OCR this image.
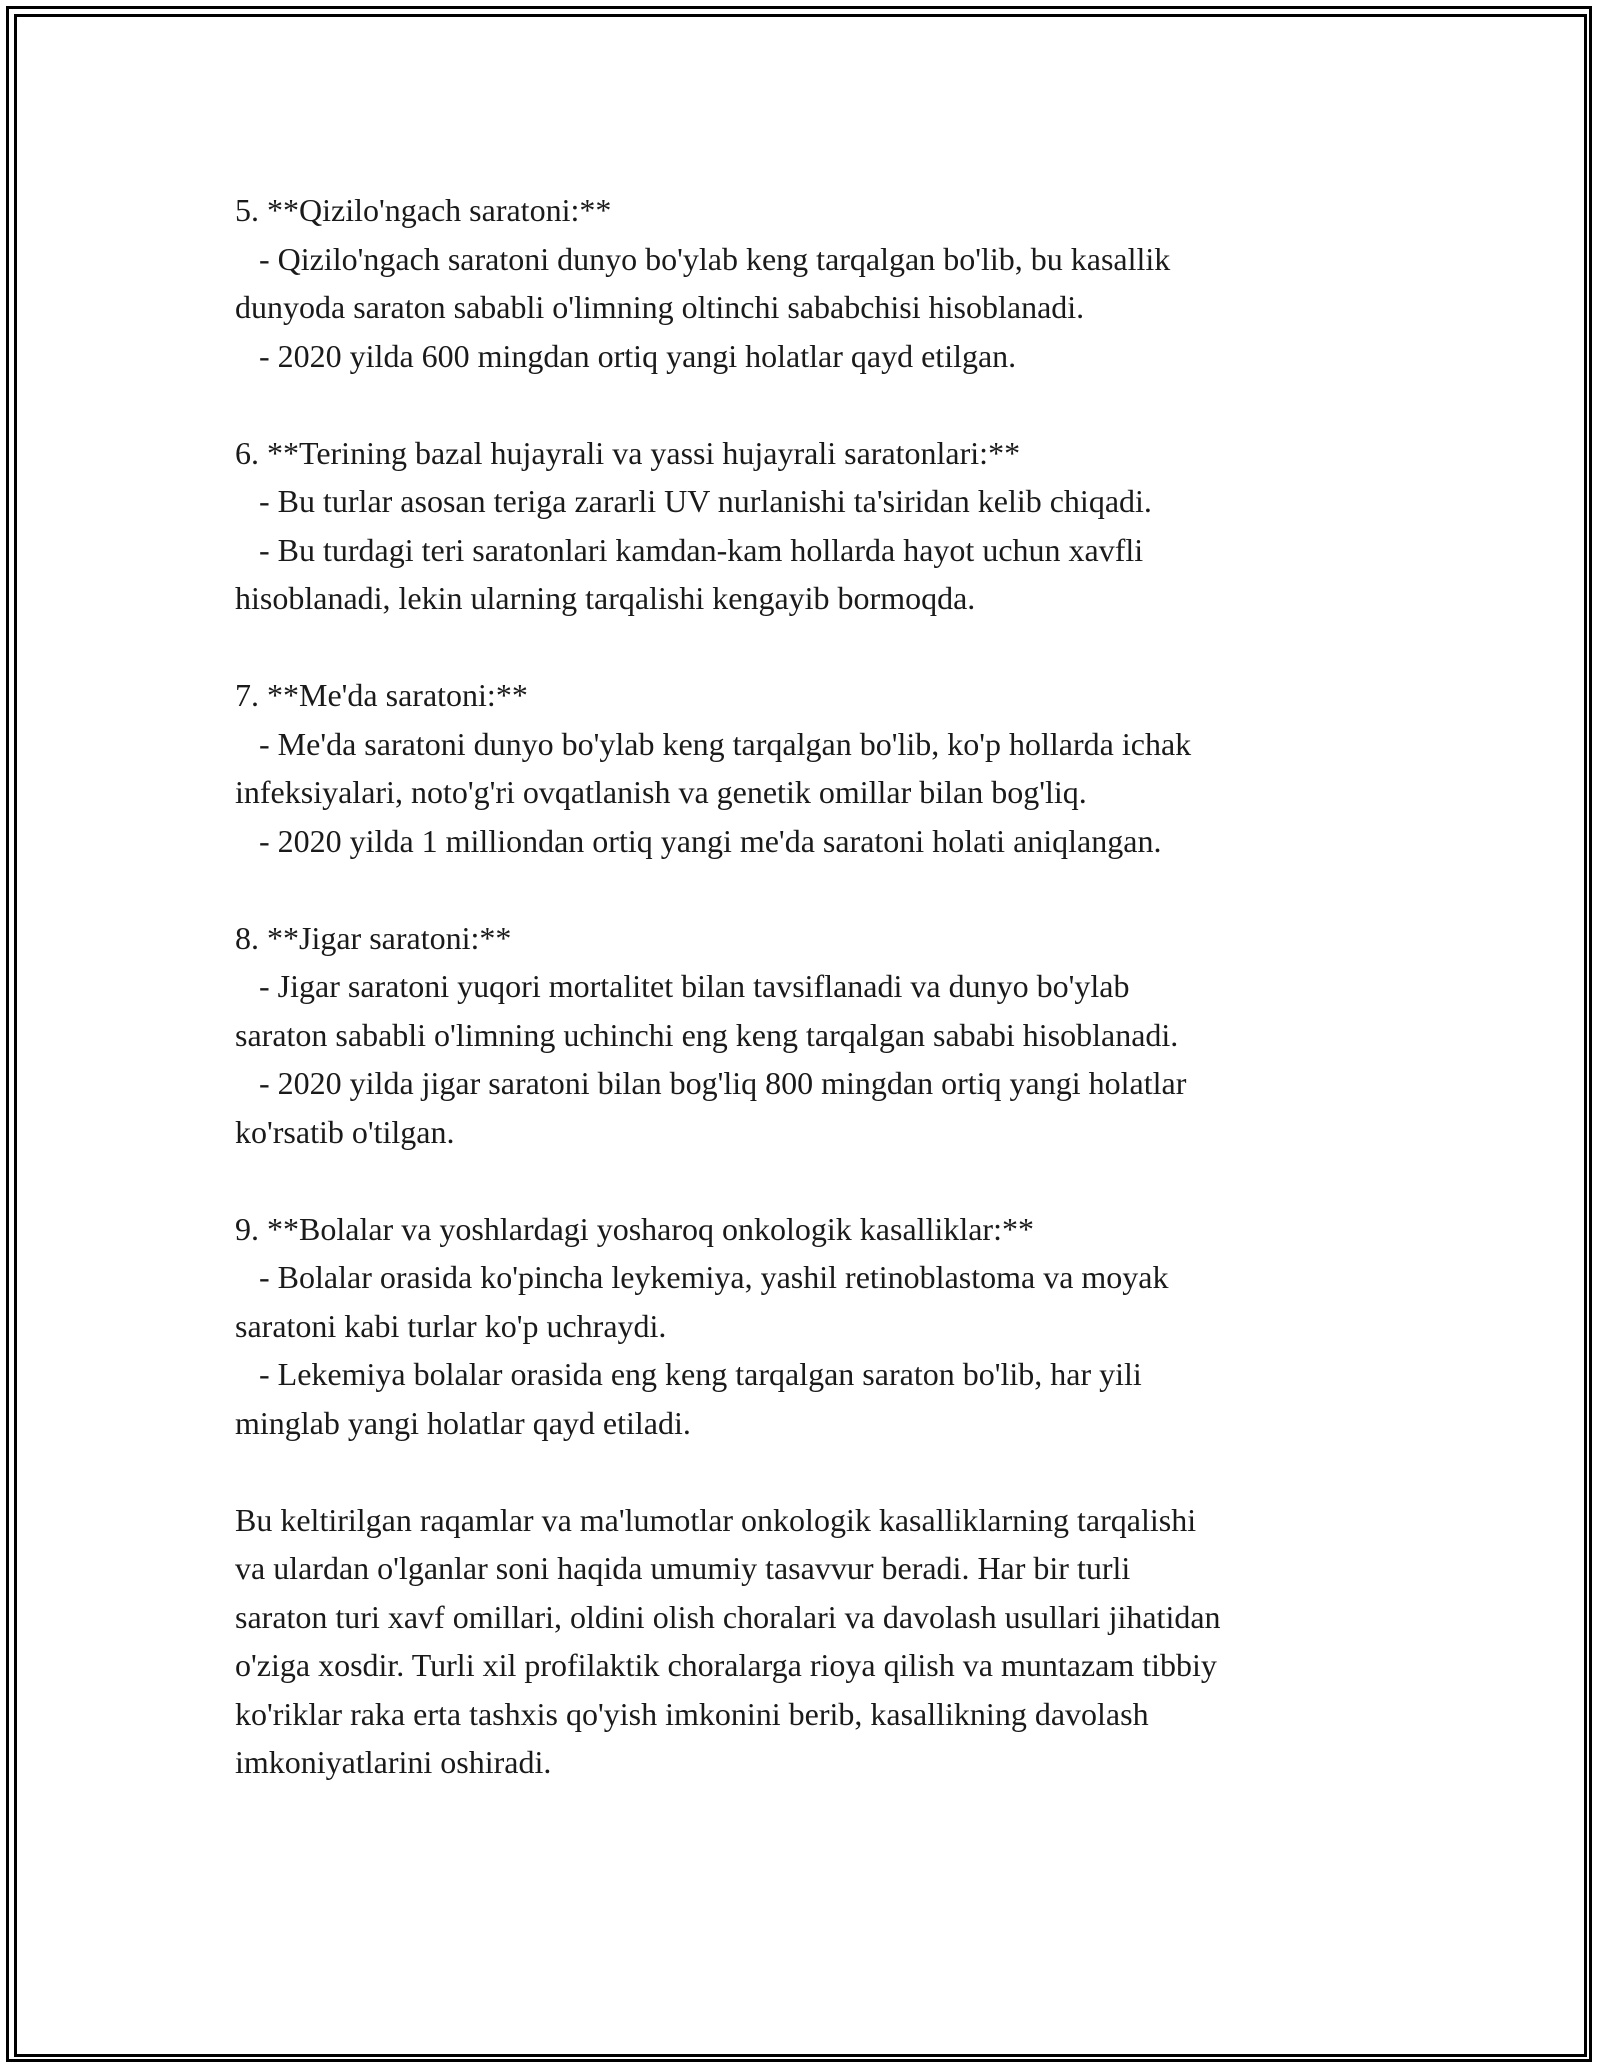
5. **Qizilo'ngach saratoni:**

- Qizilo'ngach saratoni dunyo bo'ylab keng tarqalgan bo'lib, bu kasallik

dunyoda saraton sababli o'limning oltinchi sababchisi hisoblanadi.

- 2020 yilda 600 mingdan ortiq yangi holatlar qayd etilgan.

6. **Terining bazal hujayrali va yassi hujayrali saratonlari:**

- Bu turlar asosan teriga zararli UV nurlanishi ta'siridan kelib chiqadi.

- Bu turdagi teri saratonlari kamdan-kam hollarda hayot uchun xavfli

hisoblanadi, lekin ularning tarqalishi kengayib bormoqda.

7. **Me'da saratoni:**

- Me'da saratoni dunyo bo'ylab keng tarqalgan bo'lib, ko'p hollarda ichak

infeksiyalari, noto'g'ri ovqatlanish va genetik omillar bilan bog'liq.

- 2020 yilda 1 milliondan ortiq yangi me'da saratoni holati aniqlangan.

8. **Jigar saratoni:**

- Jigar saratoni yuqori mortalitet bilan tavsiflanadi va dunyo bo'ylab

saraton sababli o'limning uchinchi eng keng tarqalgan sababi hisoblanadi.

- 2020 yilda jigar saratoni bilan bog'liq 800 mingdan ortiq yangi holatlar

ko'rsatib o'tilgan.

9. **Bolalar va yoshlardagi yosharoq onkologik kasalliklar:**

- Bolalar orasida ko'pincha leykemiya, yashil retinoblastoma va moyak

saratoni kabi turlar ko'p uchraydi.

- Lekemiya bolalar orasida eng keng tarqalgan saraton bo'lib, har yili

minglab yangi holatlar qayd etiladi.

Bu keltirilgan raqamlar va ma'lumotlar onkologik kasalliklarning tarqalishi

va ulardan o'lganlar soni haqida umumiy tasavvur beradi. Har bir turli

saraton turi xavf omillari, oldini olish choralari va davolash usullari jihatidan

o'ziga xosdir. Turli xil profilaktik choralarga rioya qilish va muntazam tibbiy

ko'riklar raka erta tashxis qo'yish imkonini berib, kasallikning davolash

imkoniyatlarini oshiradi.
